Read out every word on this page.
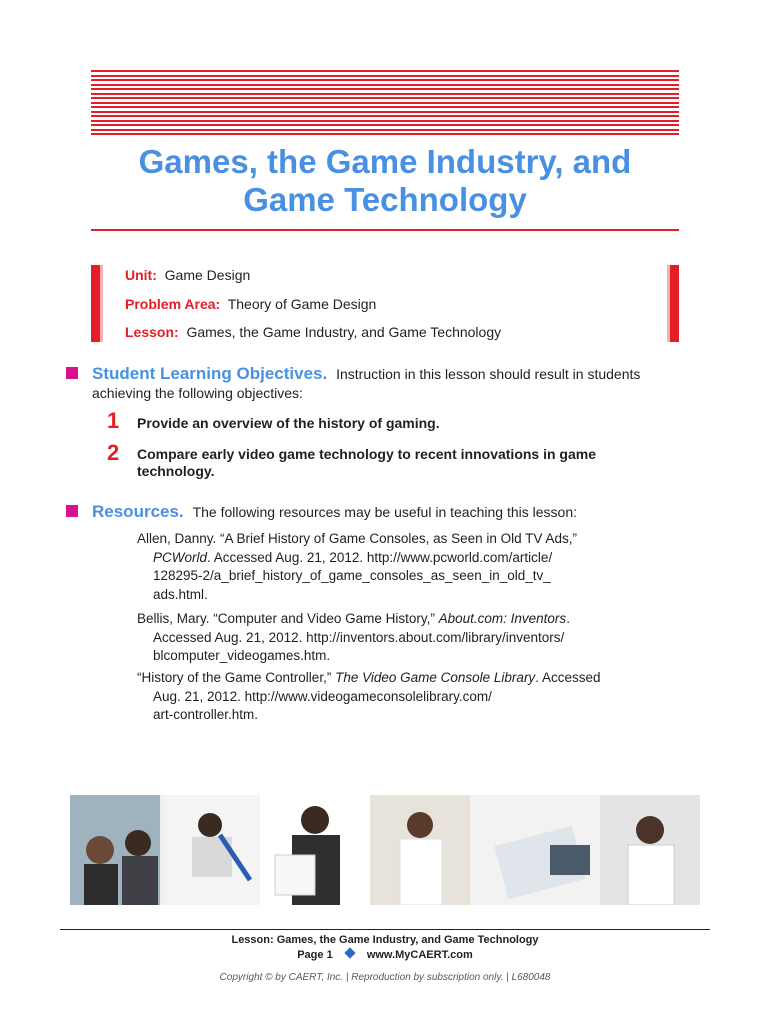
Games, the Game Industry, and
Game Technology
Unit: Game Design
Problem Area: Theory of Game Design
Lesson: Games, the Game Industry, and Game Technology
Student Learning Objectives. Instruction in this lesson should result in students
achieving the following objectives:
1 Provide an overview of the history of gaming.
2 Compare early video game technology to recent innovations in game
technology.
Resources. The following resources may be useful in teaching this lesson:
Allen, Danny. “A Brief History of Game Consoles, as Seen in Old TV Ads,”
PCWorld. Accessed Aug. 21, 2012. http://www.pcworld.com/article/
128295-2/a_brief_history_of_game_consoles_as_seen_in_old_tv_
ads.html.
Bellis, Mary. “Computer and Video Game History,” About.com: Inventors.
Accessed Aug. 21, 2012. http://inventors.about.com/library/inventors/
blcomputer_videogames.htm.
“History of the Game Controller,” The Video Game Console Library. Accessed
Aug. 21, 2012. http://www.videogameconsolelibrary.com/
art-controller.htm.
Lesson: Games, the Game Industry, and Game Technology
Page 1	www.MyCAERT.com
Copyright © by CAERT, Inc. | Reproduction by subscription only. | L680048
